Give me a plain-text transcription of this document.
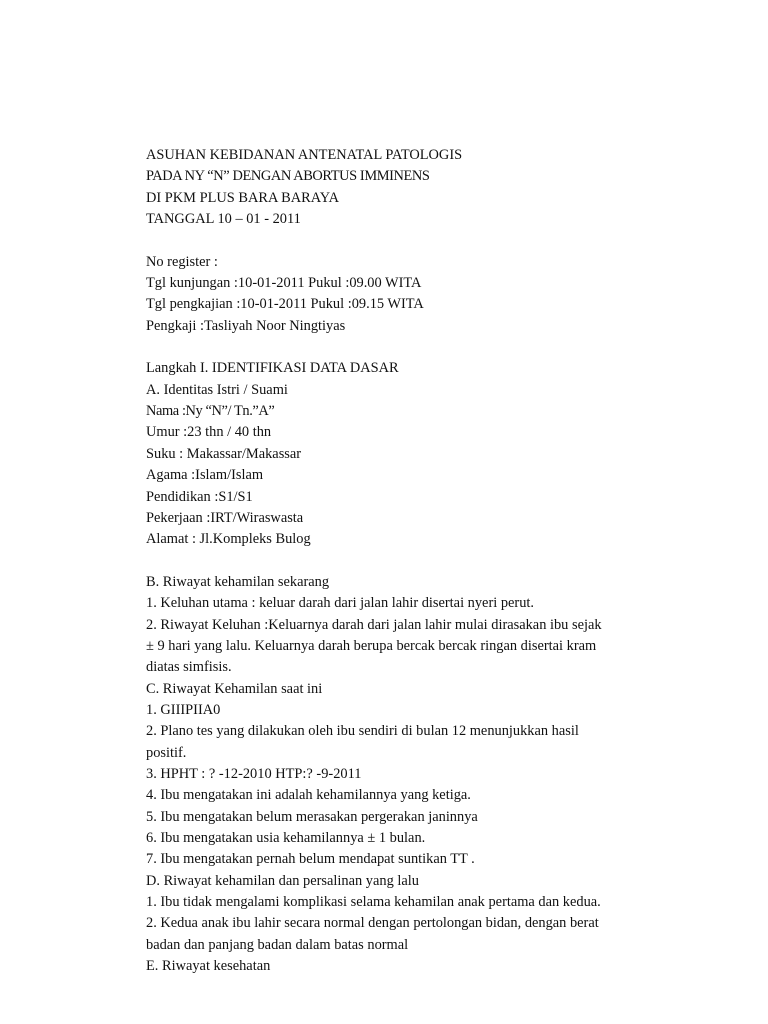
ASUHAN KEBIDANAN ANTENATAL PATOLOGIS
PADA NY “N” DENGAN ABORTUS IMMINENS
DI PKM PLUS BARA BARAYA
TANGGAL 10 – 01 - 2011
No register :
Tgl kunjungan :10-01-2011 Pukul :09.00 WITA
Tgl pengkajian :10-01-2011 Pukul :09.15 WITA
Pengkaji :Tasliyah Noor Ningtiyas
Langkah I. IDENTIFIKASI DATA DASAR
A. Identitas Istri / Suami
Nama :Ny “N”/ Tn.”A”
Umur :23 thn / 40 thn
Suku : Makassar/Makassar
Agama :Islam/Islam
Pendidikan :S1/S1
Pekerjaan :IRT/Wiraswasta
Alamat : Jl.Kompleks Bulog
B. Riwayat kehamilan sekarang
1. Keluhan utama : keluar darah dari jalan lahir disertai nyeri perut.
2. Riwayat Keluhan :Keluarnya darah dari jalan lahir mulai dirasakan ibu sejak
± 9 hari yang lalu. Keluarnya darah berupa bercak bercak ringan disertai kram
diatas simfisis.
C. Riwayat Kehamilan saat ini
1. GIIIPIIA0
2. Plano tes yang dilakukan oleh ibu sendiri di bulan 12 menunjukkan hasil
positif.
3. HPHT : ? -12-2010 HTP:? -9-2011
4. Ibu mengatakan ini adalah kehamilannya yang ketiga.
5. Ibu mengatakan belum merasakan pergerakan janinnya
6. Ibu mengatakan usia kehamilannya ± 1 bulan.
7. Ibu mengatakan pernah belum mendapat suntikan TT .
D. Riwayat kehamilan dan persalinan yang lalu
1. Ibu tidak mengalami komplikasi selama kehamilan anak pertama dan kedua.
2. Kedua anak ibu lahir secara normal dengan pertolongan bidan, dengan berat
badan dan panjang badan dalam batas normal
E. Riwayat kesehatan
